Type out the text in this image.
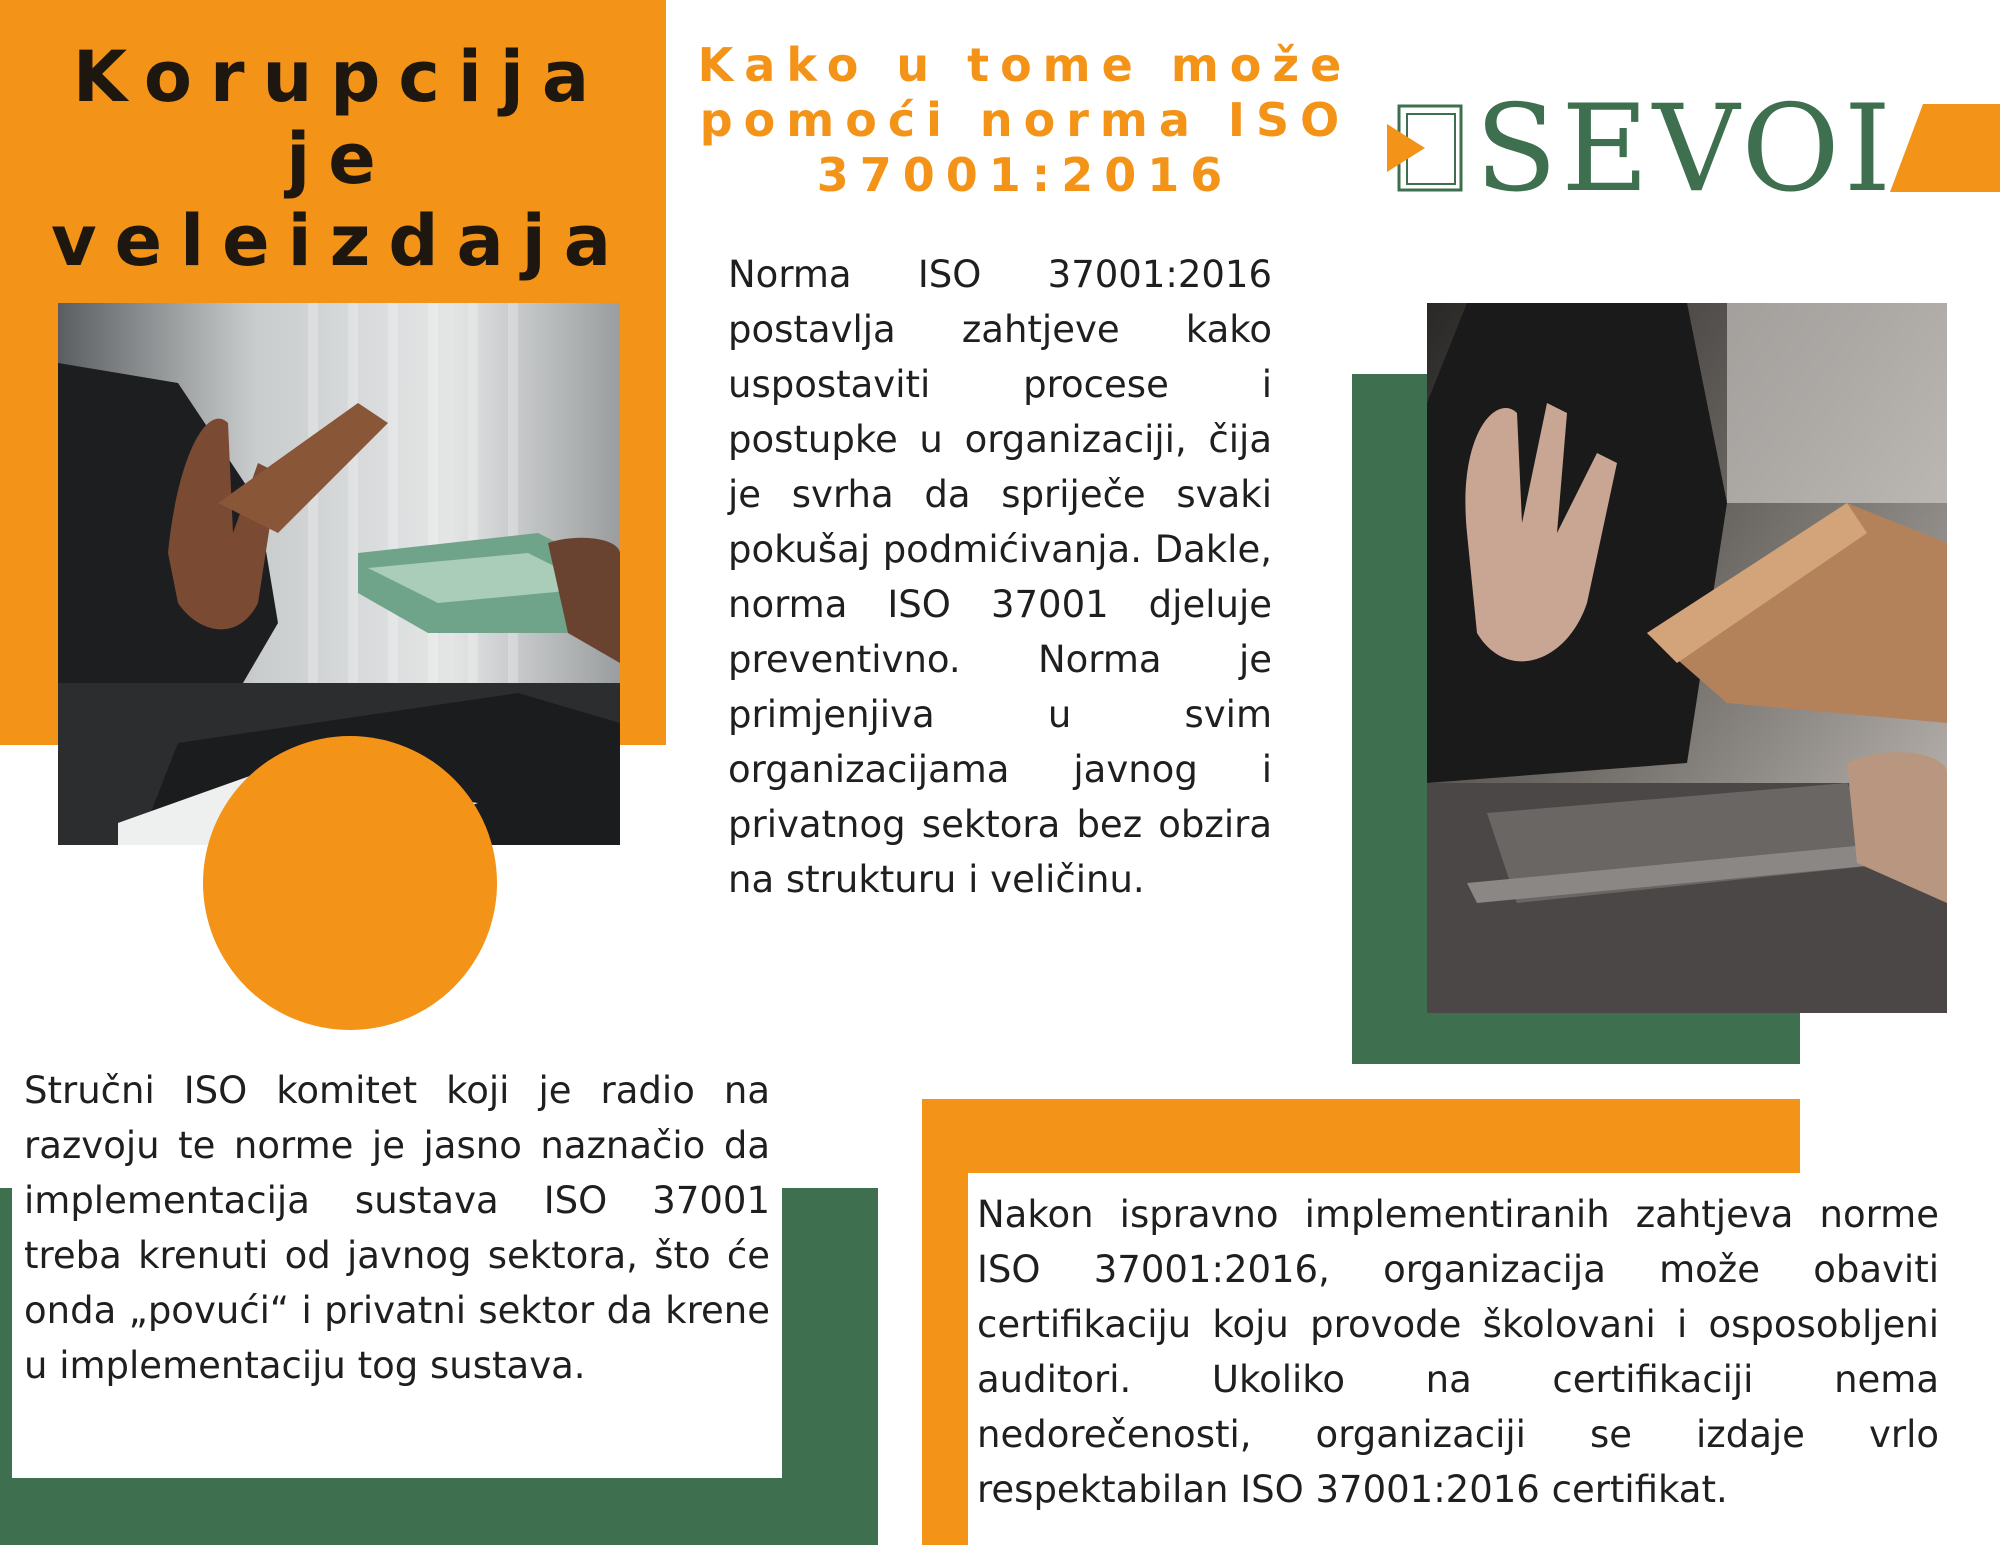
Korupcija
je
veleizdaja
Kako u tome može
pomoći norma ISO
37001:2016	SEVOI
Norma ISO 37001:2016 postavlja zahtjeve kako uspostaviti procese i postupke u organizaciji, čija je svrha da spriječe svaki pokušaj podmićivanja. Dakle, norma ISO 37001 djeluje preventivno. Norma je primjenjiva u svim organizacijama javnog i privatnog sektora bez obzira na strukturu i veličinu.
Stručni ISO komitet koji je radio na razvoju te norme je jasno naznačio da implementacija sustava ISO 37001 treba krenuti od javnog sektora, što će onda „povući“ i privatni sektor da krene u implementaciju tog sustava.
Nakon ispravno implementiranih zahtjeva norme ISO 37001:2016, organizacija može obaviti certifikaciju koju provode školovani i osposobljeni auditori. Ukoliko na certifikaciji nema nedorečenosti, organizaciji se izdaje vrlo respektabilan ISO 37001:2016 certifikat.
